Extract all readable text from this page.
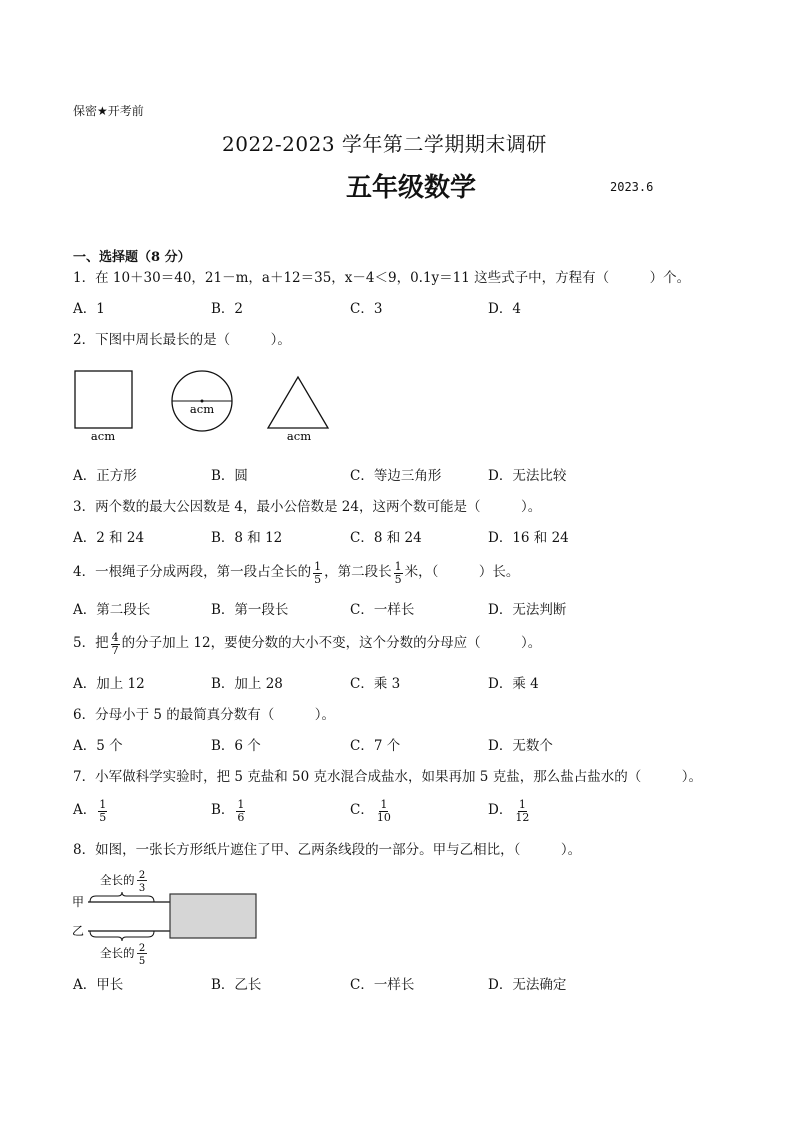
保密★开考前
2022-2023 学年第二学期期末调研
五年级数学	2023.6
一、选择题（8 分）
1．在 10＋30＝40，21－m，a＋12＝35，x－4＜9，0.1y＝11 这些式子中，方程有（　　　）个。
A．1	B．2	C．3	D．4
2．下图中周长最长的是（　　　）。
acm
acm
acm
A．正方形	B．圆	C．等边三角形	D．无法比较
3．两个数的最大公因数是 4，最小公倍数是 24，这两个数可能是（　　　）。
A．2 和 24	B．8 和 12	C．8 和 24	D．16 和 24
4．一根绳子分成两段，第一段占全长的 $\frac{1}{5}$ ，第二段长 $\frac{1}{5}$ 米，（　　　）长。
A．第二段长	B．第一段长	C．一样长	D．无法判断
5．把 $\frac{4}{7}$ 的分子加上 12，要使分数的大小不变，这个分数的分母应（　　　）。
A．加上 12	B．加上 28	C．乘 3	D．乘 4
6．分母小于 5 的最简真分数有（　　　）。
A．5 个	B．6 个	C．7 个	D．无数个
7．小军做科学实验时，把 5 克盐和 50 克水混合成盐水，如果再加 5 克盐，那么盐占盐水的（　　　）。
A． $\frac{1}{5}$	B． $\frac{1}{6}$	C． $\frac{1}{10}$	D． $\frac{1}{12}$
8．如图，一张长方形纸片遮住了甲、乙两条线段的一部分。甲与乙相比，（　　　）。
全长的 2
3
甲
乙
全长的 2
5
A．甲长	B．乙长	C．一样长	D．无法确定
